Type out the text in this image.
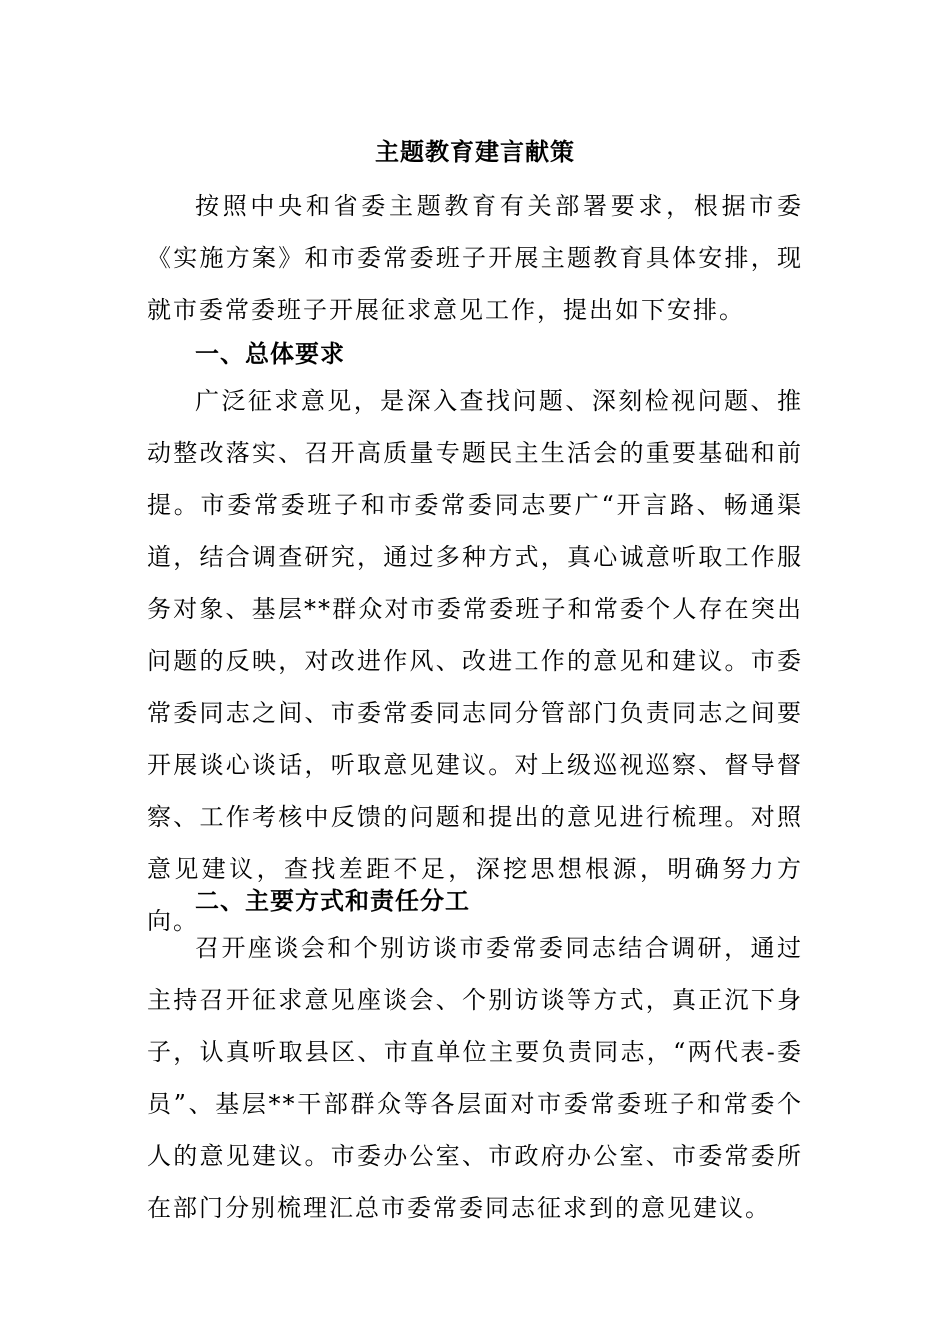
主题教育建言献策
按照中央和省委主题教育有关部署要求，根据市委《实施方案》和市委常委班子开展主题教育具体安排，现就市委常委班子开展征求意见工作，提出如下安排。
一、总体要求
广泛征求意见，是深入查找问题、深刻检视问题、推动整改落实、召开高质量专题民主生活会的重要基础和前提。市委常委班子和市委常委同志要广“开言路、畅通渠道，结合调查研究，通过多种方式，真心诚意听取工作服务对象、基层**群众对市委常委班子和常委个人存在突出问题的反映，对改进作风、改进工作的意见和建议。市委常委同志之间、市委常委同志同分管部门负责同志之间要开展谈心谈话，听取意见建议。对上级巡视巡察、督导督察、工作考核中反馈的问题和提出的意见进行梳理。对照意见建议，查找差距不足，深挖思想根源，明确努力方向。
二、主要方式和责任分工
召开座谈会和个别访谈市委常委同志结合调研，通过主持召开征求意见座谈会、个别访谈等方式，真正沉下身子，认真听取县区、市直单位主要负责同志，“两代表-委员”、基层**干部群众等各层面对市委常委班子和常委个人的意见建议。市委办公室、市政府办公室、市委常委所在部门分别梳理汇总市委常委同志征求到的意见建议。
